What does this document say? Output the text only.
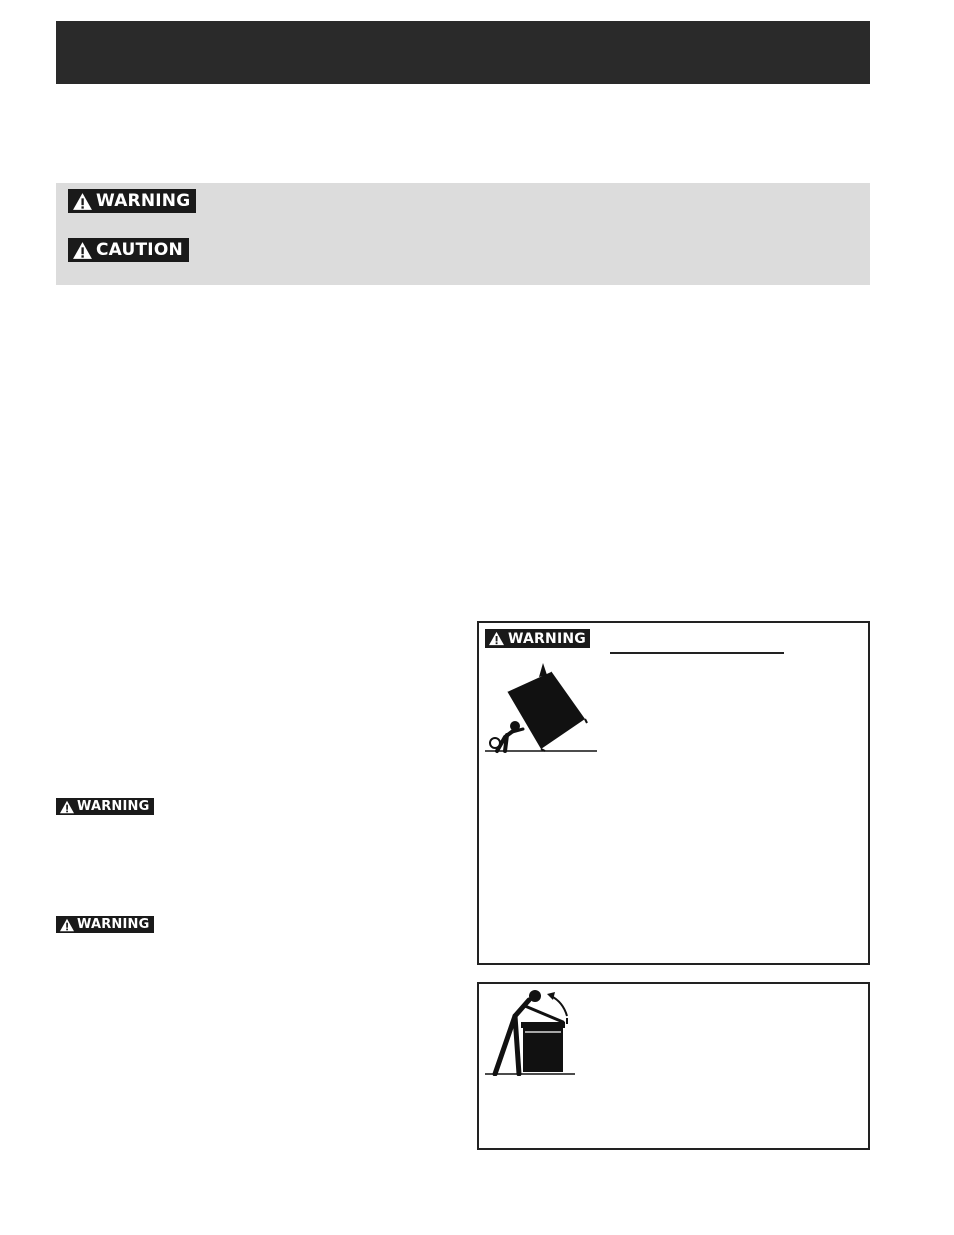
WARNING
CAUTION
WARNING
WARNING
WARNING
